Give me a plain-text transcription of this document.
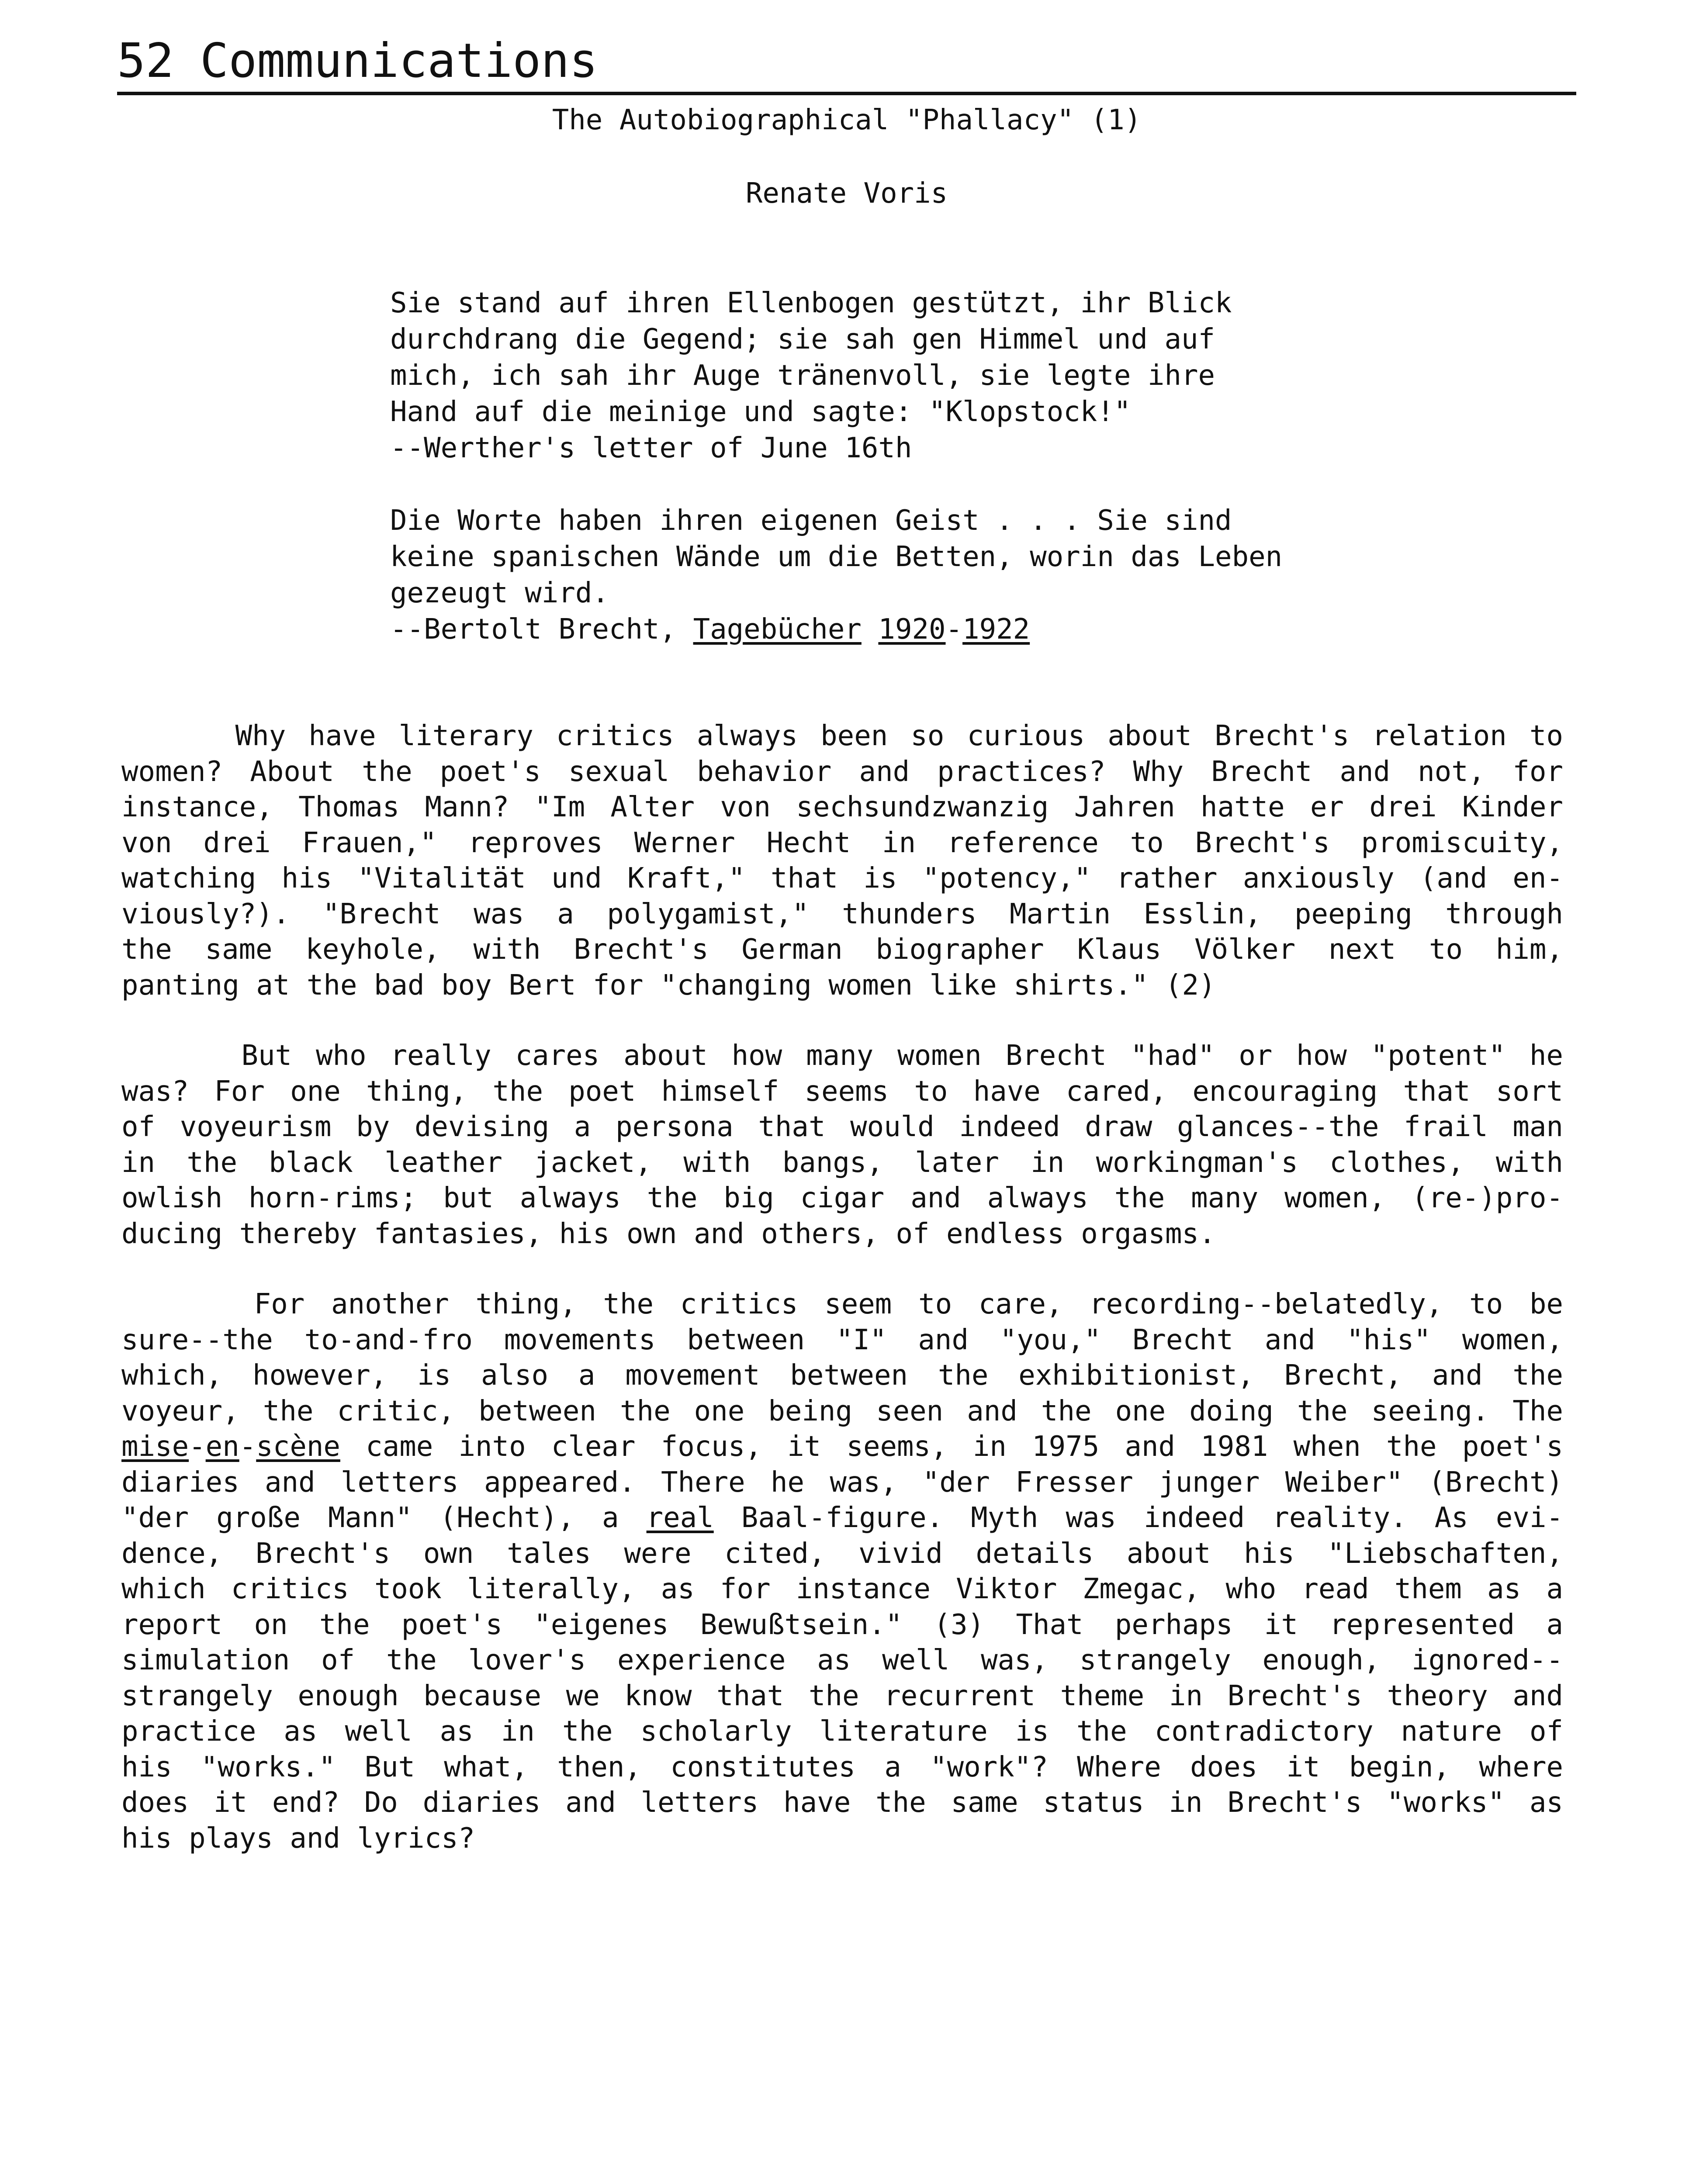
52 Communications
The Autobiographical "Phallacy" (1)
Renate Voris
Sie stand auf ihren Ellenbogen gestützt, ihr Blick
durchdrang die Gegend; sie sah gen Himmel und auf
mich, ich sah ihr Auge tränenvoll, sie legte ihre
Hand auf die meinige und sagte: "Klopstock!"
--Werther's letter of June 16th
Die Worte haben ihren eigenen Geist . . . Sie sind
keine spanischen Wände um die Betten, worin das Leben
gezeugt wird.
--Bertolt Brecht, Tagebücher 1920-1922
Why have literary critics always been so curious about Brecht's relation to
women? About the poet's sexual behavior and practices? Why Brecht and not, for
instance, Thomas Mann? "Im Alter von sechsundzwanzig Jahren hatte er drei Kinder
von drei Frauen," reproves Werner Hecht in reference to Brecht's promiscuity,
watching his "Vitalität und Kraft," that is "potency," rather anxiously (and en-
viously?). "Brecht was a polygamist," thunders Martin Esslin, peeping through
the same keyhole, with Brecht's German biographer Klaus Völker next to him,
panting at the bad boy Bert for "changing women like shirts." (2)
But who really cares about how many women Brecht "had" or how "potent" he
was? For one thing, the poet himself seems to have cared, encouraging that sort
of voyeurism by devising a persona that would indeed draw glances--the frail man
in the black leather jacket, with bangs, later in workingman's clothes, with
owlish horn-rims; but always the big cigar and always the many women, (re-)pro-
ducing thereby fantasies, his own and others, of endless orgasms.
For another thing, the critics seem to care, recording--belatedly, to be
sure--the to-and-fro movements between "I" and "you," Brecht and "his" women,
which, however, is also a movement between the exhibitionist, Brecht, and the
voyeur, the critic, between the one being seen and the one doing the seeing. The
mise-en-scène came into clear focus, it seems, in 1975 and 1981 when the poet's
diaries and letters appeared. There he was, "der Fresser junger Weiber" (Brecht)
"der große Mann" (Hecht), a real Baal-figure. Myth was indeed reality. As evi-
dence, Brecht's own tales were cited, vivid details about his "Liebschaften,
which critics took literally, as for instance Viktor Zmegac, who read them as a
report on the poet's "eigenes Bewußtsein." (3) That perhaps it represented a
simulation of the lover's experience as well was, strangely enough, ignored--
strangely enough because we know that the recurrent theme in Brecht's theory and
practice as well as in the scholarly literature is the contradictory nature of
his "works." But what, then, constitutes a "work"? Where does it begin, where
does it end? Do diaries and letters have the same status in Brecht's "works" as
his plays and lyrics?
